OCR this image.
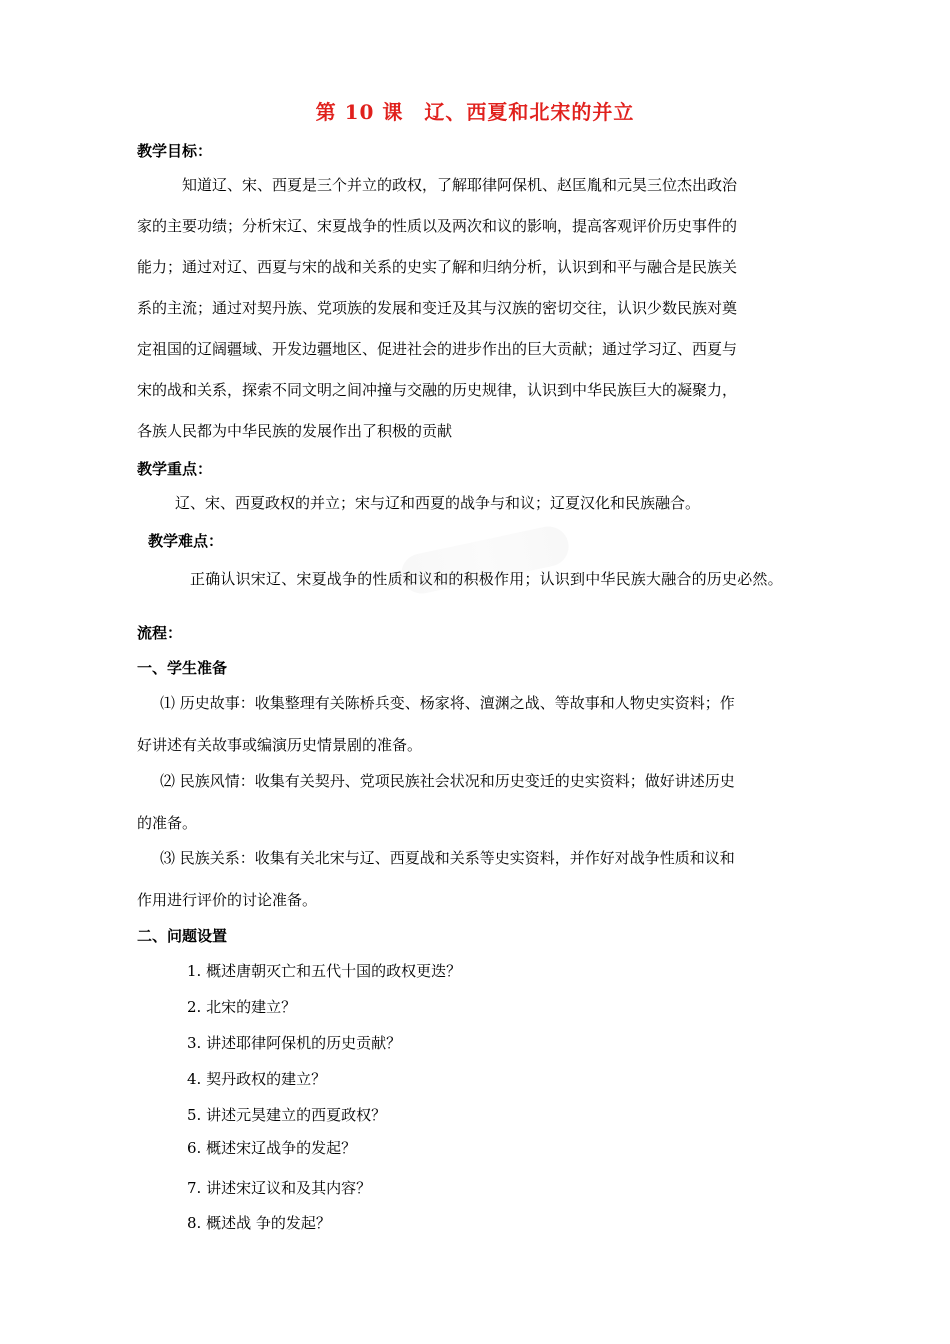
第 10 课　辽、西夏和北宋的并立
教学目标：
知道辽、宋、西夏是三个并立的政权，了解耶律阿保机、赵匡胤和元昊三位杰出政治
家的主要功绩；分析宋辽、宋夏战争的性质以及两次和议的影响，提高客观评价历史事件的
能力；通过对辽、西夏与宋的战和关系的史实了解和归纳分析，认识到和平与融合是民族关
系的主流；通过对契丹族、党项族的发展和变迁及其与汉族的密切交往，认识少数民族对奠
定祖国的辽阔疆域、开发边疆地区、促进社会的进步作出的巨大贡献；通过学习辽、西夏与
宋的战和关系，探索不同文明之间冲撞与交融的历史规律，认识到中华民族巨大的凝聚力，
各族人民都为中华民族的发展作出了积极的贡献
教学重点：
辽、宋、西夏政权的并立；宋与辽和西夏的战争与和议；辽夏汉化和民族融合。
教学难点：
正确认识宋辽、宋夏战争的性质和议和的积极作用；认识到中华民族大融合的历史必然。
流程：
一、学生准备
⑴ 历史故事：收集整理有关陈桥兵变、杨家将、澶渊之战、等故事和人物史实资料；作
好讲述有关故事或编演历史情景剧的准备。
⑵ 民族风情：收集有关契丹、党项民族社会状况和历史变迁的史实资料；做好讲述历史
的准备。
⑶ 民族关系：收集有关北宋与辽、西夏战和关系等史实资料，并作好对战争性质和议和
作用进行评价的讨论准备。
二、问题设置
1. 概述唐朝灭亡和五代十国的政权更迭？
2. 北宋的建立？
3. 讲述耶律阿保机的历史贡献？
4. 契丹政权的建立？
5. 讲述元昊建立的西夏政权？
6. 概述宋辽战争的发起？
7. 讲述宋辽议和及其内容？
8. 概述战 争的发起？
